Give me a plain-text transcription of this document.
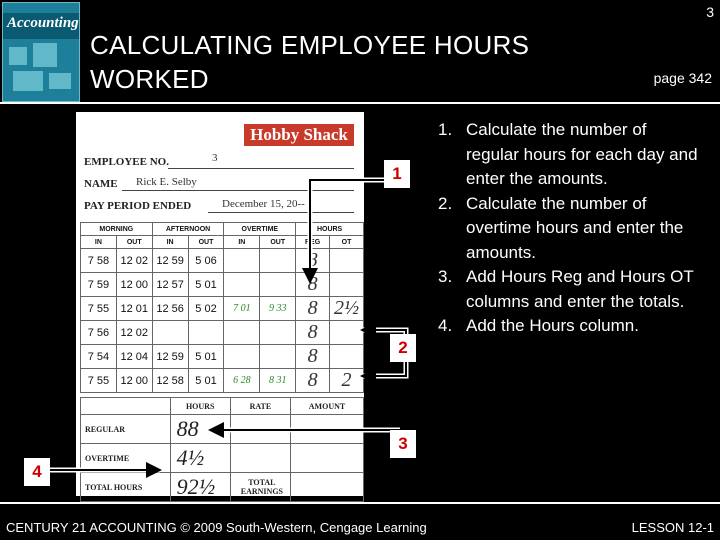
3
Accounting
CALCULATING EMPLOYEE HOURS
WORKED	page 342
Hobby Shack
EMPLOYEE NO.	3
NAME Rick E. Selby
PAY PERIOD ENDED	December 15, 20--
MORNING		AFTERNOON		OVERTIME		HOURS	
IN	OUT	IN	OUT	IN	OUT	REG	OT
7 58	12 02	12 59	5 06			8	
7 59	12 00	12 57	5 01			8	
7 55	12 01	12 56	5 02	7 01	9 33	8	2½
7 56	12 02					8	
7 54	12 04	12 59	5 01			8	
7 55	12 00	12 58	5 01	6 28	8 31	8	2
	HOURS	RATE	AMOUNT
REGULAR	88		
OVERTIME	4½		
TOTAL HOURS	92½	TOTAL EARNINGS	
1
2
3
4
1. Calculate the number of regular hours for each day and enter the amounts.
2. Calculate the number of overtime hours and enter the amounts.
3. Add Hours Reg and Hours OT columns and enter the totals.
4. Add the Hours column.
CENTURY 21 ACCOUNTING © 2009 South-Western, Cengage Learning	LESSON 12-1
